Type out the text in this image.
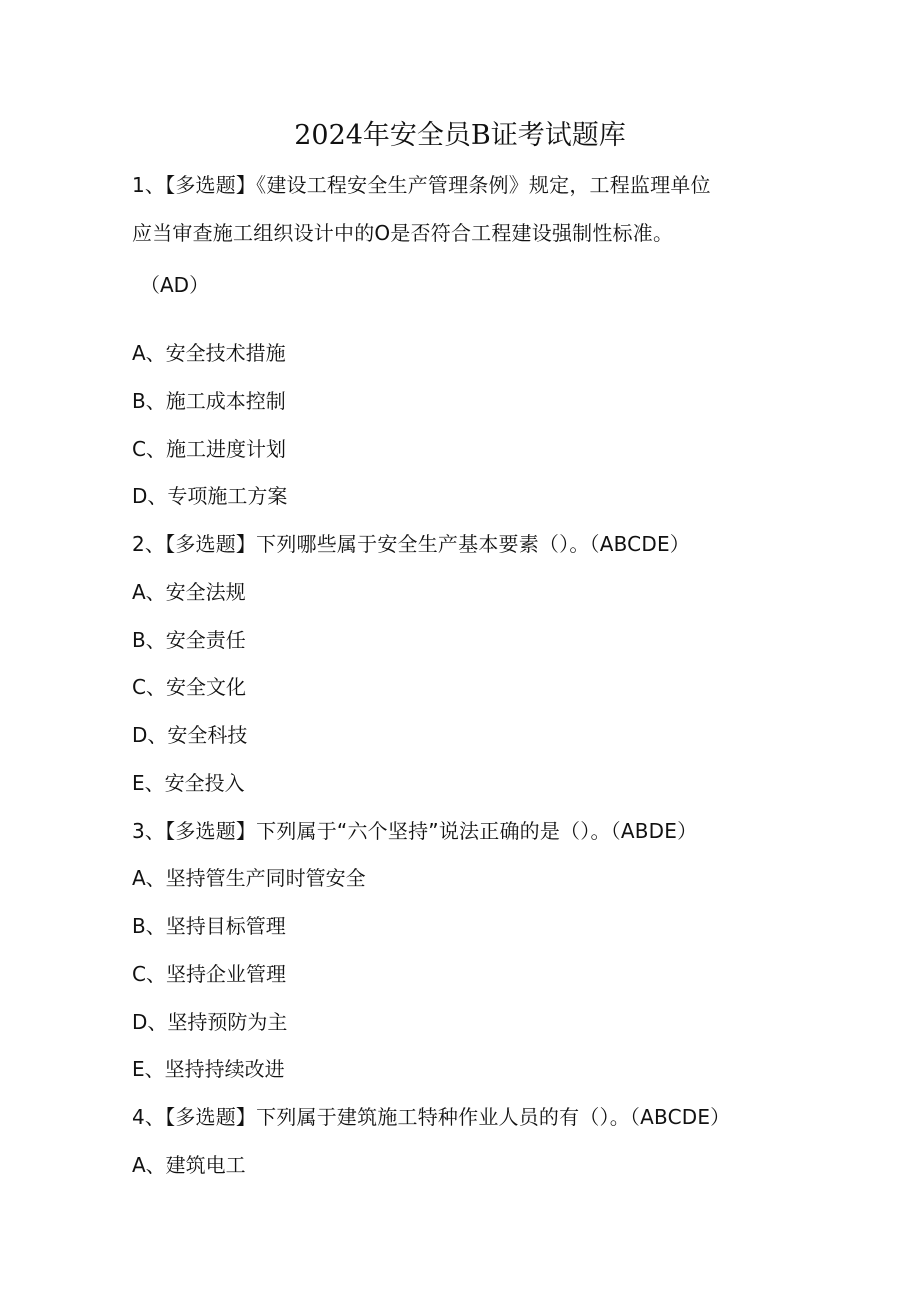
2024年安全员B证考试题库
1、【多选题】《建设工程安全生产管理条例》规定，工程监理单位
应当审查施工组织设计中的O是否符合工程建设强制性标准。
（AD）
A、安全技术措施
B、施工成本控制
C、施工进度计划
D、专项施工方案
2、【多选题】下列哪些属于安全生产基本要素（）。（ABCDE）
A、安全法规
B、安全责任
C、安全文化
D、安全科技
E、安全投入
3、【多选题】下列属于“六个坚持”说法正确的是（）。（ABDE）
A、坚持管生产同时管安全
B、坚持目标管理
C、坚持企业管理
D、坚持预防为主
E、坚持持续改进
4、【多选题】下列属于建筑施工特种作业人员的有（）。（ABCDE）
A、建筑电工
